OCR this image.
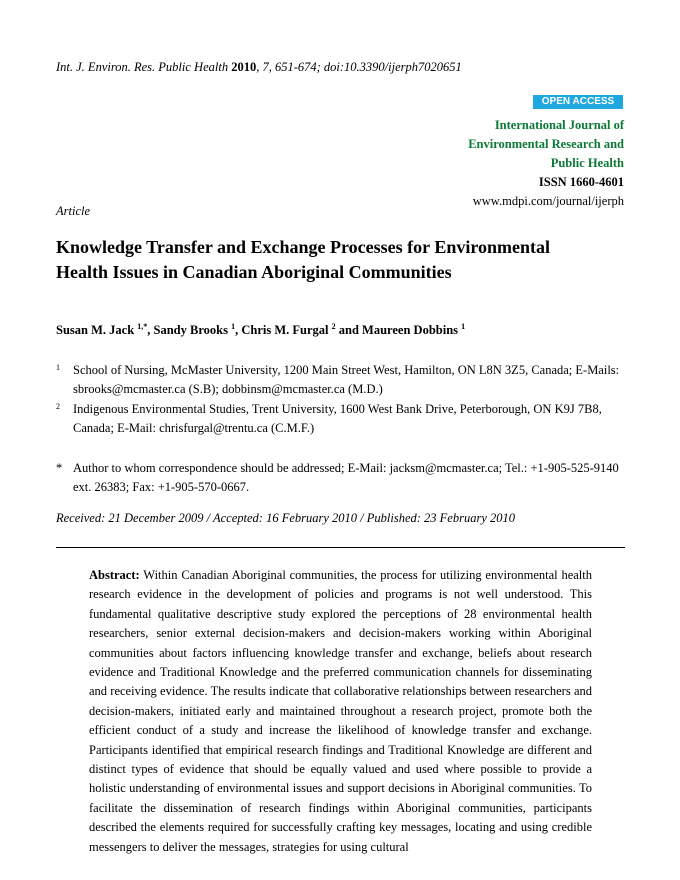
Int. J. Environ. Res. Public Health 2010, 7, 651-674; doi:10.3390/ijerph7020651
OPEN ACCESS
International Journal of
Environmental Research and
Public Health
ISSN 1660-4601
www.mdpi.com/journal/ijerph
Article
Knowledge Transfer and Exchange Processes for Environmental Health Issues in Canadian Aboriginal Communities
Susan M. Jack $^{1,*}$, Sandy Brooks $^1$, Chris M. Furgal $^2$ and Maureen Dobbins $^1$
1 School of Nursing, McMaster University, 1200 Main Street West, Hamilton, ON L8N 3Z5, Canada; E-Mails: sbrooks@mcmaster.ca (S.B); dobbinsm@mcmaster.ca (M.D.)
2 Indigenous Environmental Studies, Trent University, 1600 West Bank Drive, Peterborough, ON K9J 7B8, Canada; E-Mail: chrisfurgal@trentu.ca (C.M.F.)
* Author to whom correspondence should be addressed; E-Mail: jacksm@mcmaster.ca; Tel.: +1-905-525-9140 ext. 26383; Fax: +1-905-570-0667.
Received: 21 December 2009 / Accepted: 16 February 2010 / Published: 23 February 2010
Abstract: Within Canadian Aboriginal communities, the process for utilizing environmental health research evidence in the development of policies and programs is not well understood. This fundamental qualitative descriptive study explored the perceptions of 28 environmental health researchers, senior external decision-makers and decision-makers working within Aboriginal communities about factors influencing knowledge transfer and exchange, beliefs about research evidence and Traditional Knowledge and the preferred communication channels for disseminating and receiving evidence. The results indicate that collaborative relationships between researchers and decision-makers, initiated early and maintained throughout a research project, promote both the efficient conduct of a study and increase the likelihood of knowledge transfer and exchange. Participants identified that empirical research findings and Traditional Knowledge are different and distinct types of evidence that should be equally valued and used where possible to provide a holistic understanding of environmental issues and support decisions in Aboriginal communities. To facilitate the dissemination of research findings within Aboriginal communities, participants described the elements required for successfully crafting key messages, locating and using credible messengers to deliver the messages, strategies for using cultural
